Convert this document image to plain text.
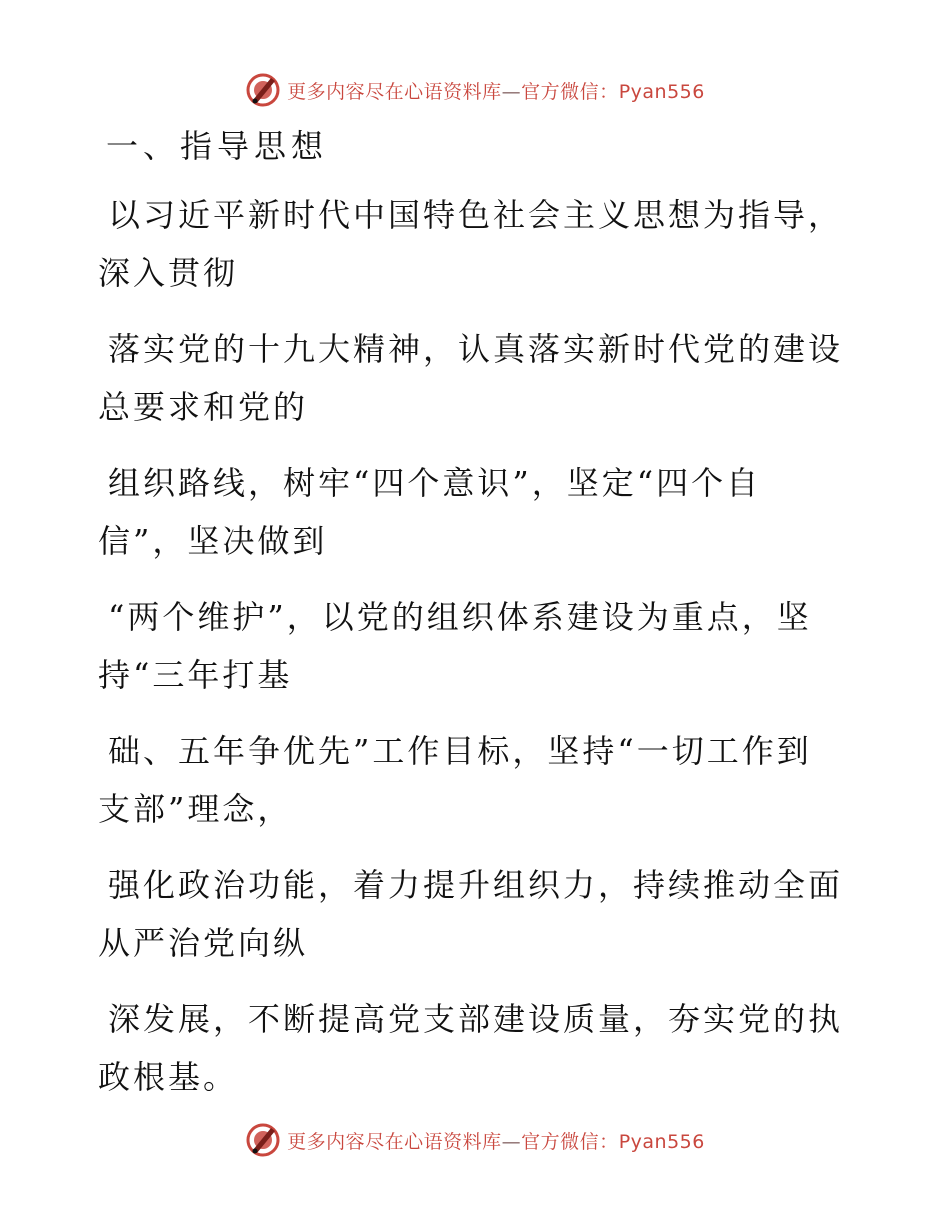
更多内容尽在心语资料库—官方微信：Pyan556
一、指导思想
以习近平新时代中国特色社会主义思想为指导，
深入贯彻
落实党的十九大精神，认真落实新时代党的建设
总要求和党的
组织路线，树牢“四个意识”，坚定“四个自
信”，坚决做到
“两个维护”，以党的组织体系建设为重点，坚
持“三年打基
础、五年争优先”工作目标，坚持“一切工作到
支部”理念，
强化政治功能，着力提升组织力，持续推动全面
从严治党向纵
深发展，不断提高党支部建设质量，夯实党的执
政根基。
更多内容尽在心语资料库—官方微信：Pyan556
